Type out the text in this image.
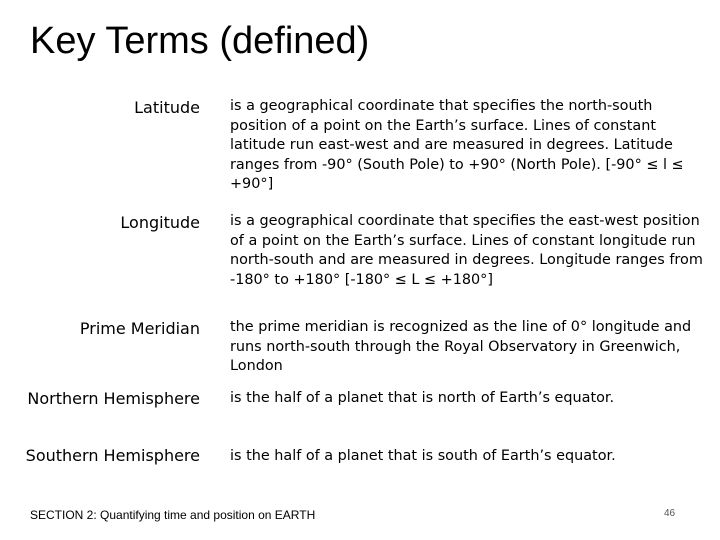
Key Terms (defined)
Latitude is a geographical coordinate that specifies the north-south position of a point on the Earth’s surface. Lines of constant latitude run east-west and are measured in degrees. Latitude ranges from -90° (South Pole) to +90° (North Pole). [-90° ≤ l ≤ +90°]
Longitude is a geographical coordinate that specifies the east-west position of a point on the Earth’s surface. Lines of constant longitude run north-south and are measured in degrees. Longitude ranges from -180° to +180° [-180° ≤ L ≤ +180°]
Prime Meridian the prime meridian is recognized as the line of 0° longitude and runs north-south through the Royal Observatory in Greenwich, London
Northern Hemisphere is the half of a planet that is north of Earth’s equator.
Southern Hemisphere is the half of a planet that is south of Earth’s equator.
SECTION 2: Quantifying time and position on EARTH	46
